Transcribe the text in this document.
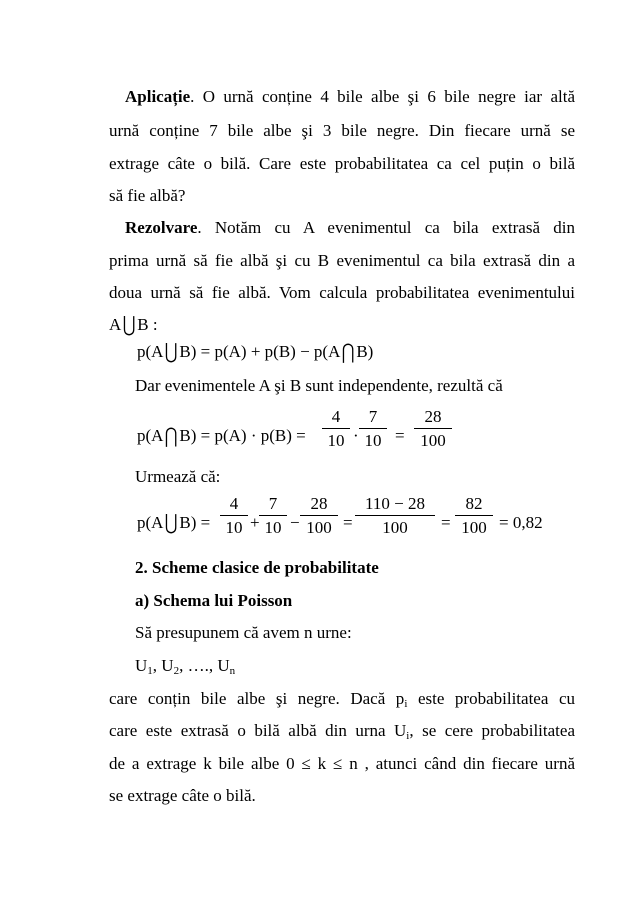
Aplicație. O urnă conține 4 bile albe şi 6 bile negre iar altă
urnă conține 7 bile albe şi 3 bile negre. Din fiecare urnă se
extrage câte o bilă. Care este probabilitatea ca cel puțin o bilă
să fie albă?
Rezolvare. Notăm cu A evenimentul ca bila extrasă din
prima urnă să fie albă şi cu B evenimentul ca bila extrasă din a
doua urnă să fie albă. Vom calcula probabilitatea evenimentului
A⋃B :
p(A⋃B) = p(A) + p(B) − p(A⋂B)
Dar evenimentele A şi B sunt independente, rezultă că
p(A⋂B) = p(A) · p(B) =
4
10 ·
7
10 =
28
100
Urmează că:
p(A⋃B) =
4
10 +
7
10 −
28
100 =
110 − 28
100	=
82
100 = 0,82
2. Scheme clasice de probabilitate
a) Schema lui Poisson
Să presupunem că avem n urne:
$U_1$, $U_2$, …., $U_n$
care conțin bile albe şi negre. Dacă $p_i$ este probabilitatea cu
care este extrasă o bilă albă din urna $U_i$, se cere probabilitatea
de a extrage k bile albe 0 ≤ k ≤ n , atunci când din fiecare urnă
se extrage câte o bilă.
